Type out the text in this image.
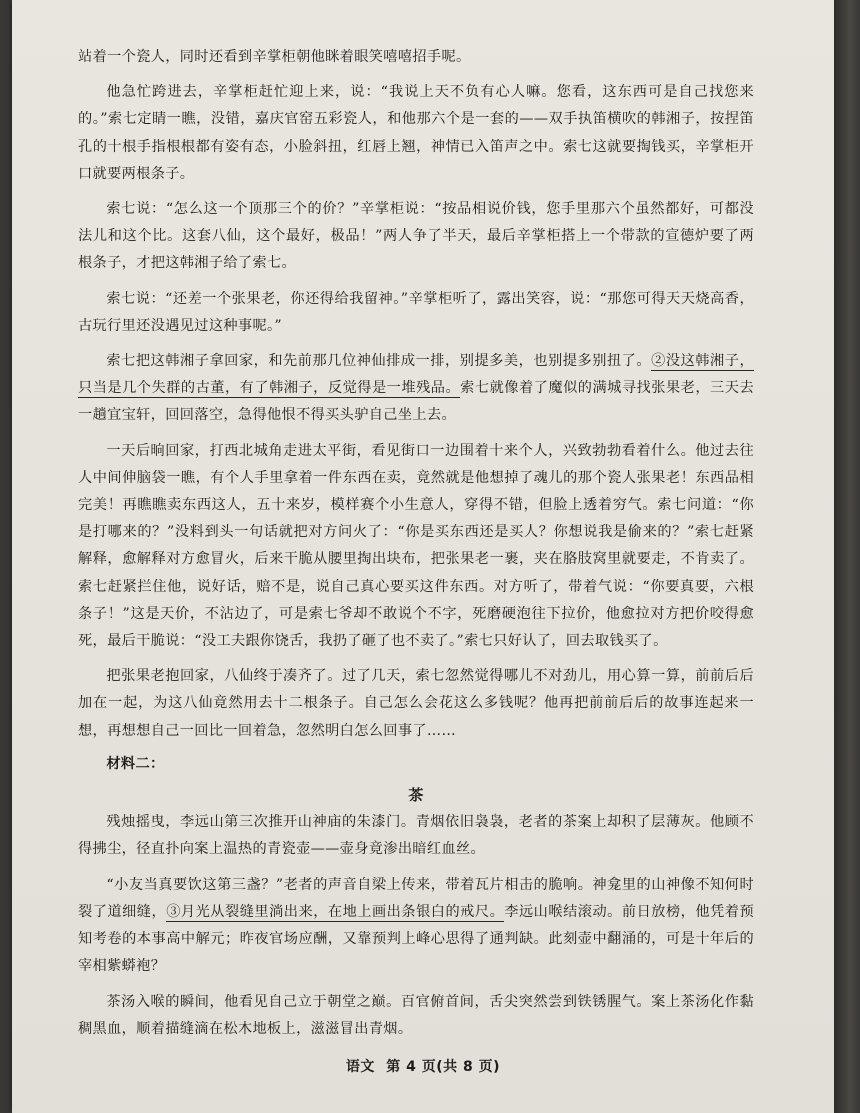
站着一个瓷人，同时还看到辛掌柜朝他眯着眼笑嘻嘻招手呢。

他急忙跨进去，辛掌柜赶忙迎上来，说：“我说上天不负有心人嘛。您看，这东西可是自己找您来的。”索七定睛一瞧，没错，嘉庆官窑五彩瓷人，和他那六个是一套的——双手执笛横吹的韩湘子，按捏笛孔的十根手指根根都有姿有态，小脸斜扭，红唇上翘，神情已入笛声之中。索七这就要掏钱买，辛掌柜开口就要两根条子。

索七说：“怎么这一个顶那三个的价？”辛掌柜说：“按品相说价钱，您手里那六个虽然都好，可都没法儿和这个比。这套八仙，这个最好，极品！”两人争了半天，最后辛掌柜搭上一个带款的宣德炉要了两根条子，才把这韩湘子给了索七。

索七说：“还差一个张果老，你还得给我留神。”辛掌柜听了，露出笑容，说：“那您可得天天烧高香，古玩行里还没遇见过这种事呢。”

索七把这韩湘子拿回家，和先前那几位神仙排成一排，别提多美，也别提多别扭了。②没这韩湘子，只当是几个失群的古董，有了韩湘子，反觉得是一堆残品。索七就像着了魔似的满城寻找张果老，三天去一趟宜宝轩，回回落空，急得他恨不得买头驴自己坐上去。

一天后晌回家，打西北城角走进太平街，看见街口一边围着十来个人，兴致勃勃看着什么。他过去往人中间伸脑袋一瞧，有个人手里拿着一件东西在卖，竟然就是他想掉了魂儿的那个瓷人张果老！东西品相完美！再瞧瞧卖东西这人，五十来岁，模样赛个小生意人，穿得不错，但脸上透着穷气。索七问道：“你是打哪来的？”没料到头一句话就把对方问火了：“你是买东西还是买人？你想说我是偷来的？”索七赶紧解释，愈解释对方愈冒火，后来干脆从腰里掏出块布，把张果老一裹，夹在胳肢窝里就要走，不肯卖了。索七赶紧拦住他，说好话，赔不是，说自己真心要买这件东西。对方听了，带着气说：“你要真要，六根条子！”这是天价，不沾边了，可是索七爷却不敢说个不字，死磨硬泡往下拉价，他愈拉对方把价咬得愈死，最后干脆说：“没工夫跟你饶舌，我扔了砸了也不卖了。”索七只好认了，回去取钱买了。

把张果老抱回家，八仙终于凑齐了。过了几天，索七忽然觉得哪儿不对劲儿，用心算一算，前前后后加在一起，为这八仙竟然用去十二根条子。自己怎么会花这么多钱呢？他再把前前后后的故事连起来一想，再想想自己一回比一回着急，忽然明白怎么回事了……

材料二：

茶

残烛摇曳，李远山第三次推开山神庙的朱漆门。青烟依旧袅袅，老者的茶案上却积了层薄灰。他顾不得拂尘，径直扑向案上温热的青瓷壶——壶身竟渗出暗红血丝。

“小友当真要饮这第三盏？”老者的声音自梁上传来，带着瓦片相击的脆响。神龛里的山神像不知何时裂了道细缝，③月光从裂缝里淌出来，在地上画出条银白的戒尺。李远山喉结滚动。前日放榜，他凭着预知考卷的本事高中解元；昨夜官场应酬，又靠预判上峰心思得了通判缺。此刻壶中翻涌的，可是十年后的宰相紫蟒袍？

茶汤入喉的瞬间，他看见自己立于朝堂之巅。百官俯首间，舌尖突然尝到铁锈腥气。案上茶汤化作黏稠黑血，顺着描缝滴在松木地板上，滋滋冒出青烟。

语文 第 4 页(共 8 页)
